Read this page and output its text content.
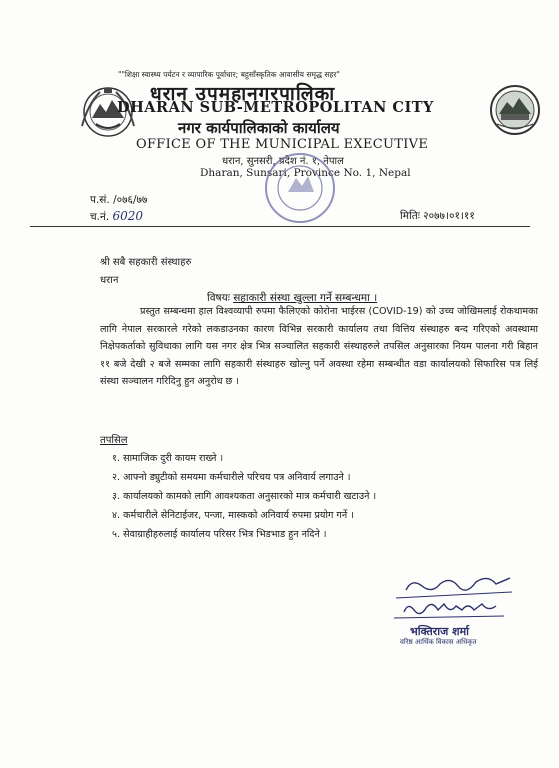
""शिक्षा स्वास्थ्य पर्यटन र व्यापारिक पूर्वाधार; बहुसाँस्कृतिक आवासीय समृद्ध सहर"
धरान उपमहानगरपालिका
DHARAN SUB-METROPOLITAN CITY
नगर कार्यपालिकाको कार्यालय
OFFICE OF THE MUNICIPAL EXECUTIVE
धरान, सुनसरी, प्रदेश नं. १, नेपाल
Dharan, Sunsari, Province No. 1, Nepal
प.सं. /०७६/७७
च.नं. 6020	मितिः २०७७।०१।११
श्री सबै सहकारी संस्थाहरु
धरान
विषयः सहाकारी संस्था खुल्ला गर्ने सम्बन्धमा ।

प्रस्तुत सम्बन्धमा हाल विश्वव्यापी रुपमा फैलिएको कोरोना भाईरस (COVID-19) को उच्च जोखिमलाई रोकथामका लागि नेपाल सरकारले गरेको लकडाउनका कारण विभिन्न सरकारी कार्यालय तथा वित्तिय संस्थाहरु बन्द गरिएको अवस्थामा निक्षेपकर्ताको सुविधाका लागि यस नगर क्षेत्र भित्र सञ्चालित सहकारी संस्थाहरुले तपसिल अनुसारका नियम पालना गरी बिहान ११ बजे देखी २ बजे सम्मका लागि सहकारी संस्थाहरु खोल्नु पर्ने अवस्था रहेमा सम्बन्धीत वडा कार्यालयको सिफारिस पत्र लिई संस्था सञ्चालन गरिदिनु हुन अनुरोध छ ।

तपसिल
१. सामाजिक दुरी कायम राख्ने ।
२. आफ्नो ड्युटीको समयमा कर्मचारीले परिचय पत्र अनिवार्य लगाउने ।
३. कार्यालयको कामको लागि आवश्यकता अनुसारको मात्र कर्मचारी खटाउने ।
४. कर्मचारीले सेनिटाईजर, पन्जा, मास्कको अनिवार्य रुपमा प्रयोग गर्ने ।
५. सेवाग्राहीहरुलाई कार्यालय परिसर भित्र भिडभाड हुन नदिने ।
भक्तिराज शर्मा
वरिष्ठ आर्थिक विकास अधिकृत
